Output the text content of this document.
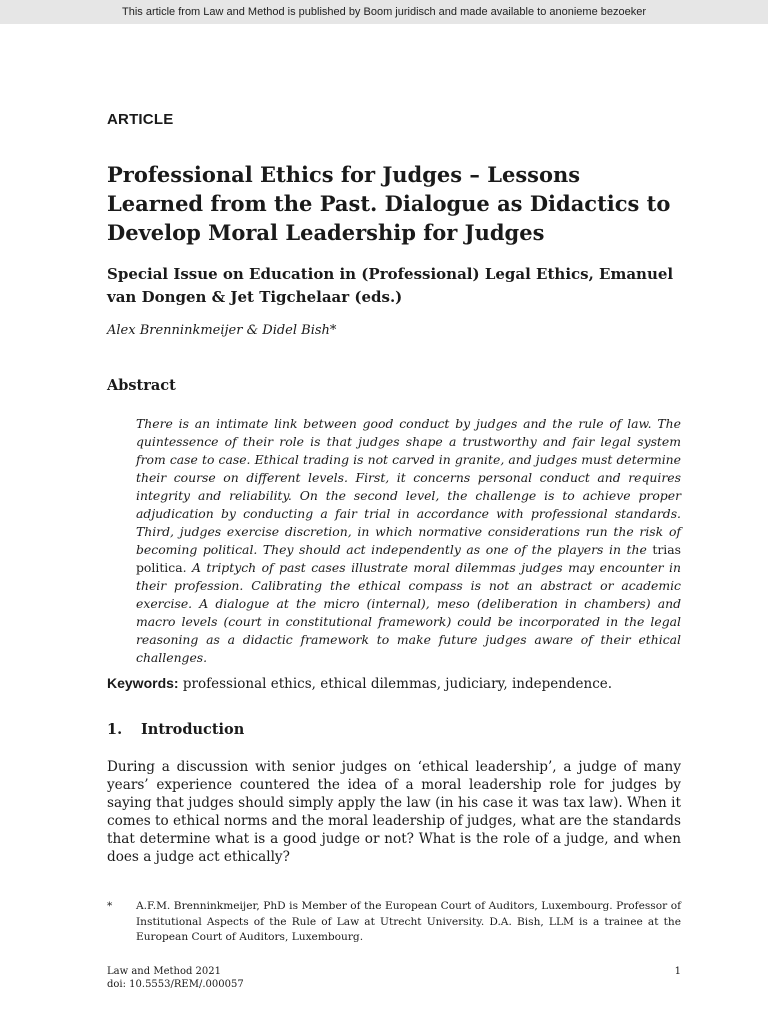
This article from Law and Method is published by Boom juridisch and made available to anonieme bezoeker
ARTICLE
Professional Ethics for Judges – Lessons Learned from the Past. Dialogue as Didactics to Develop Moral Leadership for Judges
Special Issue on Education in (Professional) Legal Ethics, Emanuel van Dongen & Jet Tigchelaar (eds.)
Alex Brenninkmeijer & Didel Bish*
Abstract

There is an intimate link between good conduct by judges and the rule of law. The quintessence of their role is that judges shape a trustworthy and fair legal system from case to case. Ethical trading is not carved in granite, and judges must determine their course on different levels. First, it concerns personal conduct and requires integrity and reliability. On the second level, the challenge is to achieve proper adjudication by conducting a fair trial in accordance with professional standards. Third, judges exercise discretion, in which normative considerations run the risk of becoming political. They should act independently as one of the players in the trias politica. A triptych of past cases illustrate moral dilemmas judges may encounter in their profession. Calibrating the ethical compass is not an abstract or academic exercise. A dialogue at the micro (internal), meso (deliberation in chambers) and macro levels (court in constitutional framework) could be incorporated in the legal reasoning as a didactic framework to make future judges aware of their ethical challenges.

Keywords: professional ethics, ethical dilemmas, judiciary, independence.
1. Introduction

During a discussion with senior judges on ‘ethical leadership’, a judge of many years’ experience countered the idea of a moral leadership role for judges by saying that judges should simply apply the law (in his case it was tax law). When it comes to ethical norms and the moral leadership of judges, what are the standards that determine what is a good judge or not? What is the role of a judge, and when does a judge act ethically?

* A.F.M. Brenninkmeijer, PhD is Member of the European Court of Auditors, Luxembourg. Professor of Institutional Aspects of the Rule of Law at Utrecht University. D.A. Bish, LLM is a trainee at the European Court of Auditors, Luxembourg.

Law and Method 2021
doi: 10.5553/REM/.000057
1
